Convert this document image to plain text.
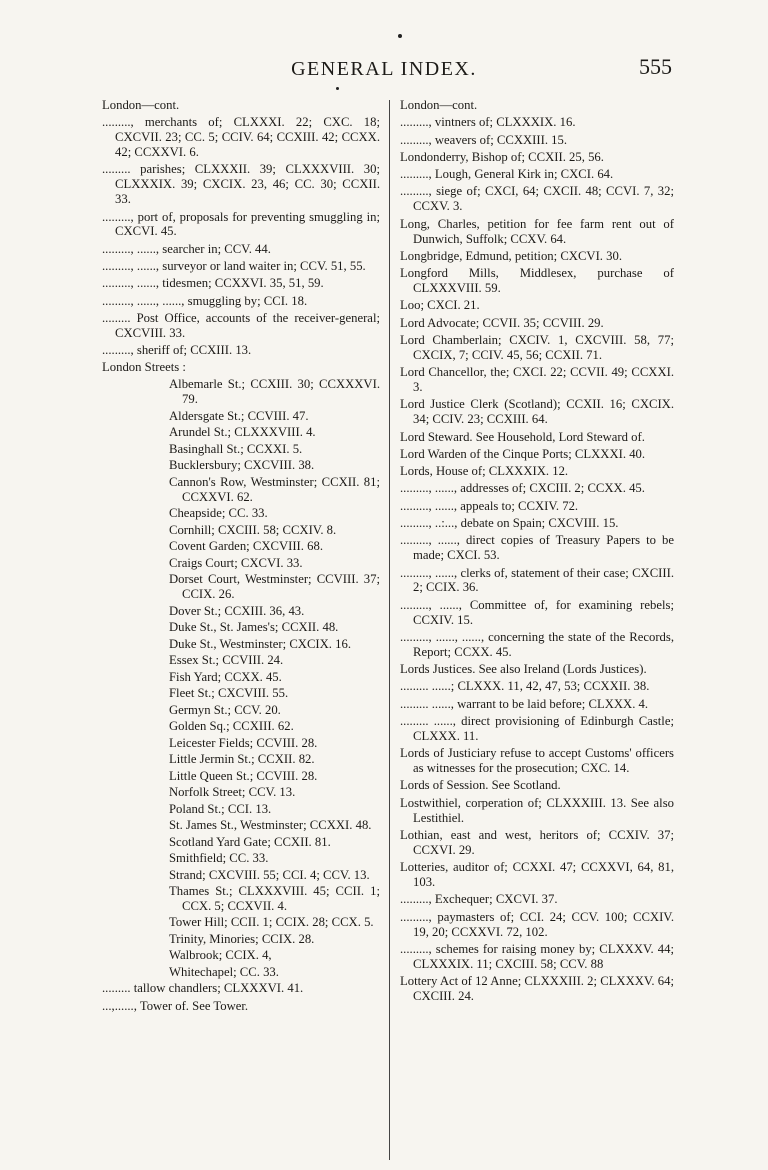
GENERAL INDEX.	555
London—cont.
........., merchants of; CLXXXI. 22; CXC. 18; CXCVII. 23; CC. 5; CCIV. 64; CCXIII. 42; CCXX. 42; CCXXVI. 6.
......... parishes; CLXXXII. 39; CLXXXVIII. 30; CLXXXIX. 39; CXCIX. 23, 46; CC. 30; CCXII. 33.
........., port of, proposals for preventing smuggling in; CXCVI. 45.
........., ......, searcher in; CCV. 44.
........., ......, surveyor or land waiter in; CCV. 51, 55.
........., ......, tidesmen; CCXXVI. 35, 51, 59.
........., ......, ......, smuggling by; CCI. 18.
......... Post Office, accounts of the receiver-general; CXCVIII. 33.
........., sheriff of; CCXIII. 13.
London Streets :
Albemarle St.; CCXIII. 30; CCXXXVI. 79.
Aldersgate St.; CCVIII. 47.
Arundel St.; CLXXXVIII. 4.
Basinghall St.; CCXXI. 5.
Bucklersbury; CXCVIII. 38.
Cannon's Row, Westminster; CCXII. 81; CCXXVI. 62.
Cheapside; CC. 33.
Cornhill; CXCIII. 58; CCXIV. 8.
Covent Garden; CXCVIII. 68.
Craigs Court; CXCVI. 33.
Dorset Court, Westminster; CCVIII. 37; CCIX. 26.
Dover St.; CCXIII. 36, 43.
Duke St., St. James's; CCXII. 48.
Duke St., Westminster; CXCIX. 16.
Essex St.; CCVIII. 24.
Fish Yard; CCXX. 45.
Fleet St.; CXCVIII. 55.
Germyn St.; CCV. 20.
Golden Sq.; CCXIII. 62.
Leicester Fields; CCVIII. 28.
Little Jermin St.; CCXII. 82.
Little Queen St.; CCVIII. 28.
Norfolk Street; CCV. 13.
Poland St.; CCI. 13.
St. James St., Westminster; CCXXI. 48.
Scotland Yard Gate; CCXII. 81.
Smithfield; CC. 33.
Strand; CXCVIII. 55; CCI. 4; CCV. 13.
Thames St.; CLXXXVIII. 45; CCII. 1; CCX. 5; CCXVII. 4.
Tower Hill; CCII. 1; CCIX. 28; CCX. 5.
Trinity, Minories; CCIX. 28.
Walbrook; CCIX. 4,
Whitechapel; CC. 33.
......... tallow chandlers; CLXXXVI. 41.
...,......, Tower of. See Tower.
London—cont.
........., vintners of; CLXXXIX. 16.
........., weavers of; CCXXIII. 15.
Londonderry, Bishop of; CCXII. 25, 56.
........., Lough, General Kirk in; CXCI. 64.
........., siege of; CXCI, 64; CXCII. 48; CCVI. 7, 32; CCXV. 3.
Long, Charles, petition for fee farm rent out of Dunwich, Suffolk; CCXV. 64.
Longbridge, Edmund, petition; CXCVI. 30.
Longford Mills, Middlesex, purchase of CLXXXVIII. 59.
Loo; CXCI. 21.
Lord Advocate; CCVII. 35; CCVIII. 29.
Lord Chamberlain; CXCIV. 1, CXCVIII. 58, 77; CXCIX, 7; CCIV. 45, 56; CCXII. 71.
Lord Chancellor, the; CXCI. 22; CCVII. 49; CCXXI. 3.
Lord Justice Clerk (Scotland); CCXII. 16; CXCIX. 34; CCIV. 23; CCXIII. 64.
Lord Steward. See Household, Lord Steward of.
Lord Warden of the Cinque Ports; CLXXXI. 40.
Lords, House of; CLXXXIX. 12.
........., ......, addresses of; CXCIII. 2; CCXX. 45.
........., ......, appeals to; CCXIV. 72.
........., ..:..., debate on Spain; CXCVIII. 15.
........., ......, direct copies of Treasury Papers to be made; CXCI. 53.
........., ......, clerks of, statement of their case; CXCIII. 2; CCIX. 36.
........., ......, Committee of, for examining rebels; CCXIV. 15.
........., ......, ......, concerning the state of the Records, Report; CCXX. 45.
Lords Justices. See also Ireland (Lords Justices).
......... ......; CLXXX. 11, 42, 47, 53; CCXXII. 38.
......... ......, warrant to be laid before; CLXXX. 4.
......... ......, direct provisioning of Edinburgh Castle; CLXXX. 11.
Lords of Justiciary refuse to accept Customs' officers as witnesses for the prosecution; CXC. 14.
Lords of Session. See Scotland.
Lostwithiel, corperation of; CLXXXIII. 13. See also Lestithiel.
Lothian, east and west, heritors of; CCXIV. 37; CCXVI. 29.
Lotteries, auditor of; CCXXI. 47; CCXXVI, 64, 81, 103.
........., Exchequer; CXCVI. 37.
........., paymasters of; CCI. 24; CCV. 100; CCXIV. 19, 20; CCXXVI. 72, 102.
........., schemes for raising money by; CLXXXV. 44; CLXXXIX. 11; CXCIII. 58; CCV. 88
Lottery Act of 12 Anne; CLXXXIII. 2; CLXXXV. 64; CXCIII. 24.
